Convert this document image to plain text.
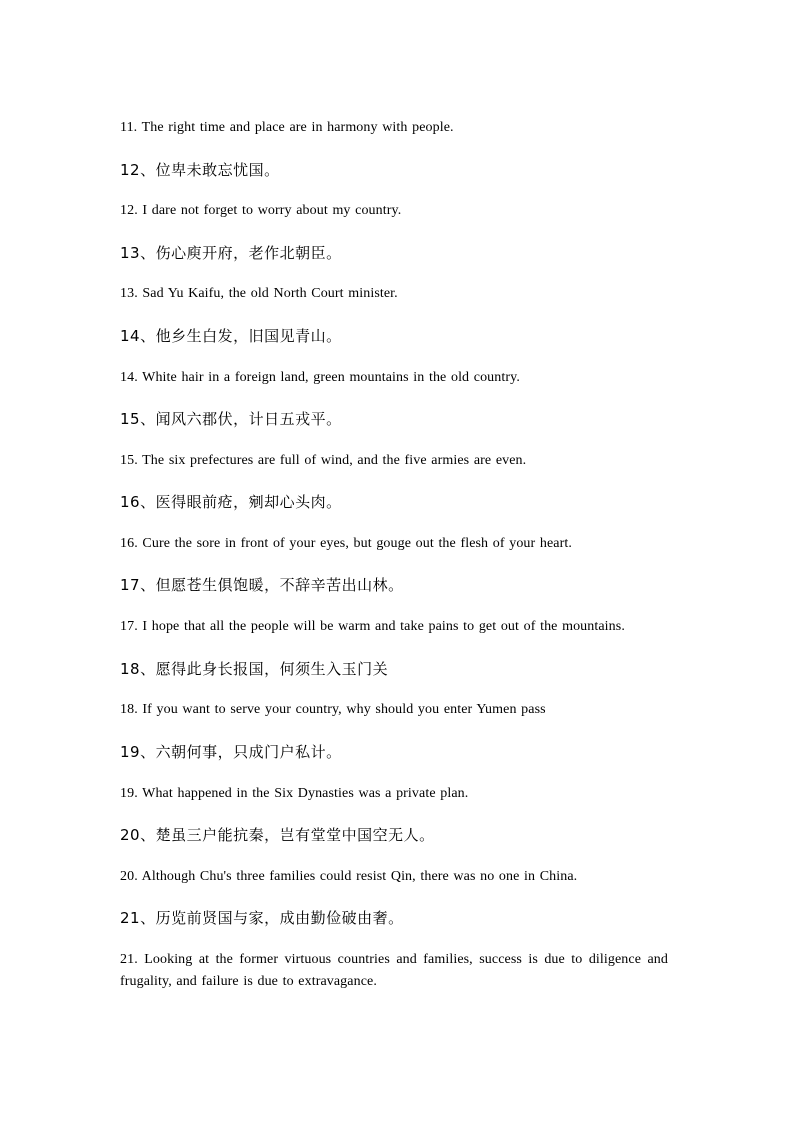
11. The right time and place are in harmony with people.
12、位卑未敢忘忧国。
12. I dare not forget to worry about my country.
13、伤心庾开府，老作北朝臣。
13. Sad Yu Kaifu, the old North Court minister.
14、他乡生白发，旧国见青山。
14. White hair in a foreign land, green mountains in the old country.
15、闻风六郡伏，计日五戎平。
15. The six prefectures are full of wind, and the five armies are even.
16、医得眼前疮，剜却心头肉。
16. Cure the sore in front of your eyes, but gouge out the flesh of your heart.
17、但愿苍生俱饱暖，不辞辛苦出山林。
17. I hope that all the people will be warm and take pains to get out of the mountains.
18、愿得此身长报国，何须生入玉门关
18. If you want to serve your country, why should you enter Yumen pass
19、六朝何事，只成门户私计。
19. What happened in the Six Dynasties was a private plan.
20、楚虽三户能抗秦，岂有堂堂中国空无人。
20. Although Chu's three families could resist Qin, there was no one in China.
21、历览前贤国与家，成由勤俭破由奢。
21. Looking at the former virtuous countries and families, success is due to diligence and frugality, and failure is due to extravagance.
